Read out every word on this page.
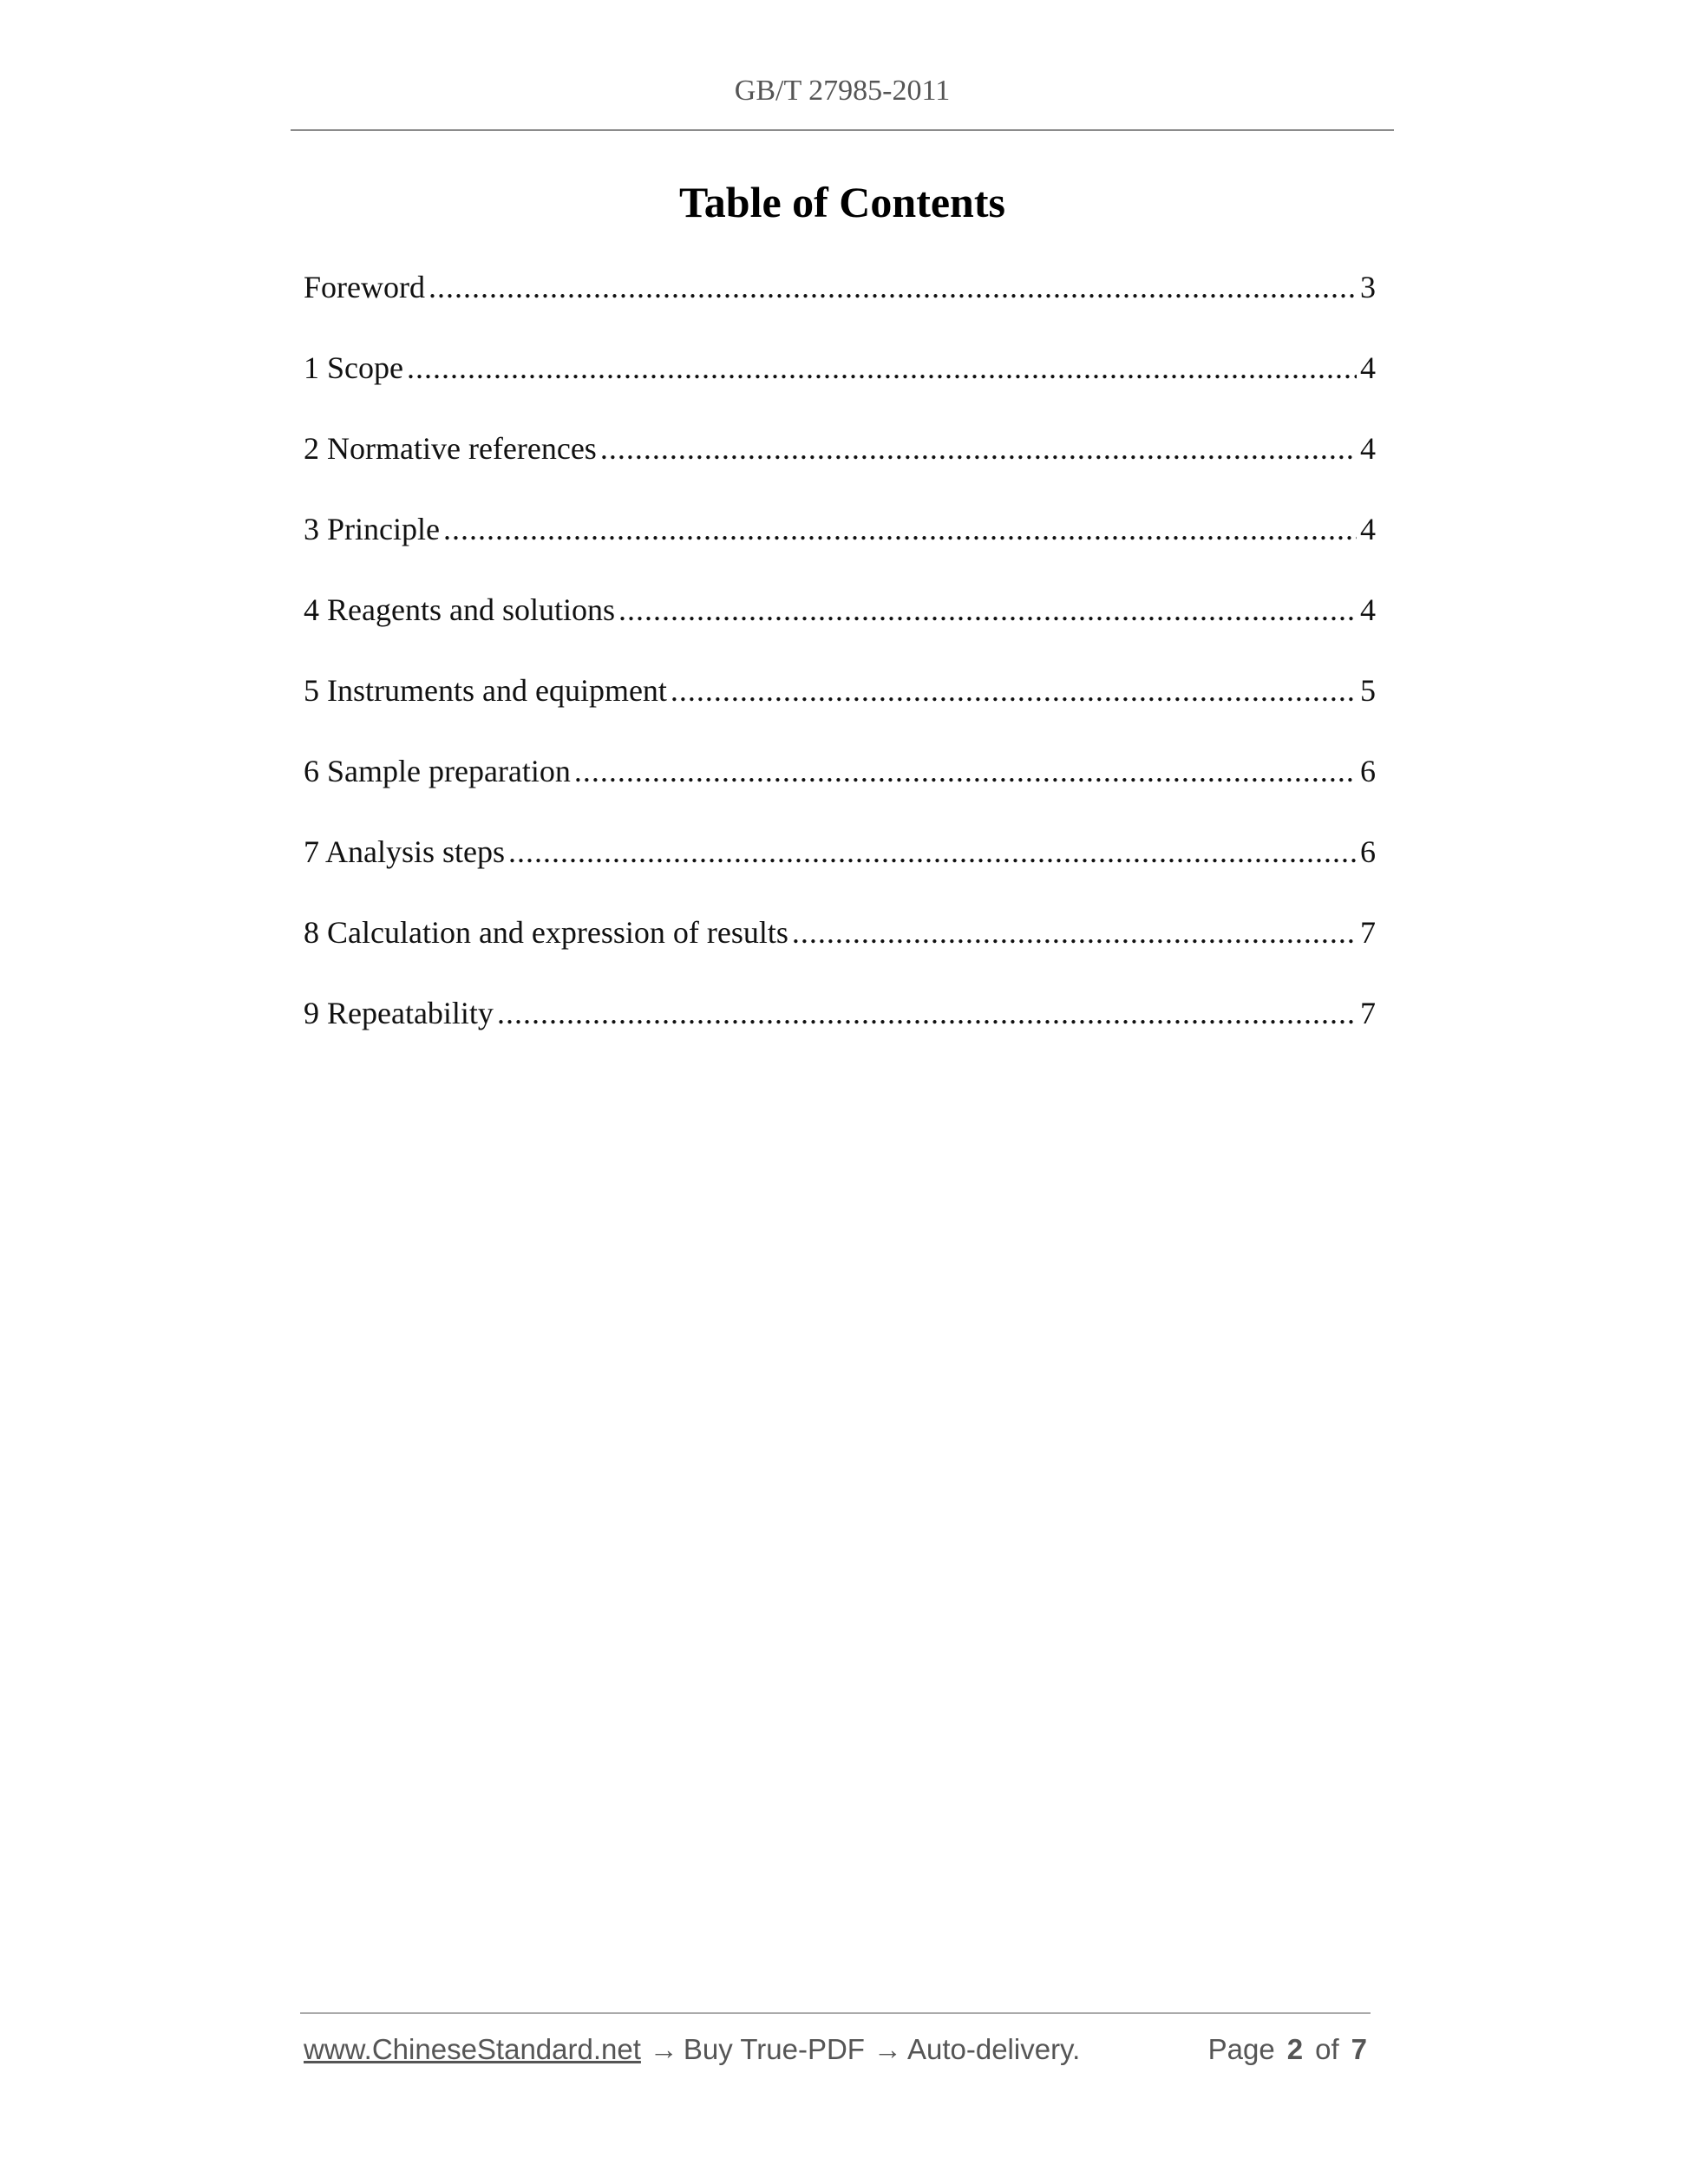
GB/T 27985-2011
Table of Contents
Foreword .....	3
1 Scope .....	4
2 Normative references .....	4
3 Principle .....	4
4 Reagents and solutions .....	4
5 Instruments and equipment .....	5
6 Sample preparation .....	6
7 Analysis steps .....	6
8 Calculation and expression of results .....	7
9 Repeatability .....	7
www.ChineseStandard.net → Buy True-PDF → Auto-delivery.	Page 2 of 7
